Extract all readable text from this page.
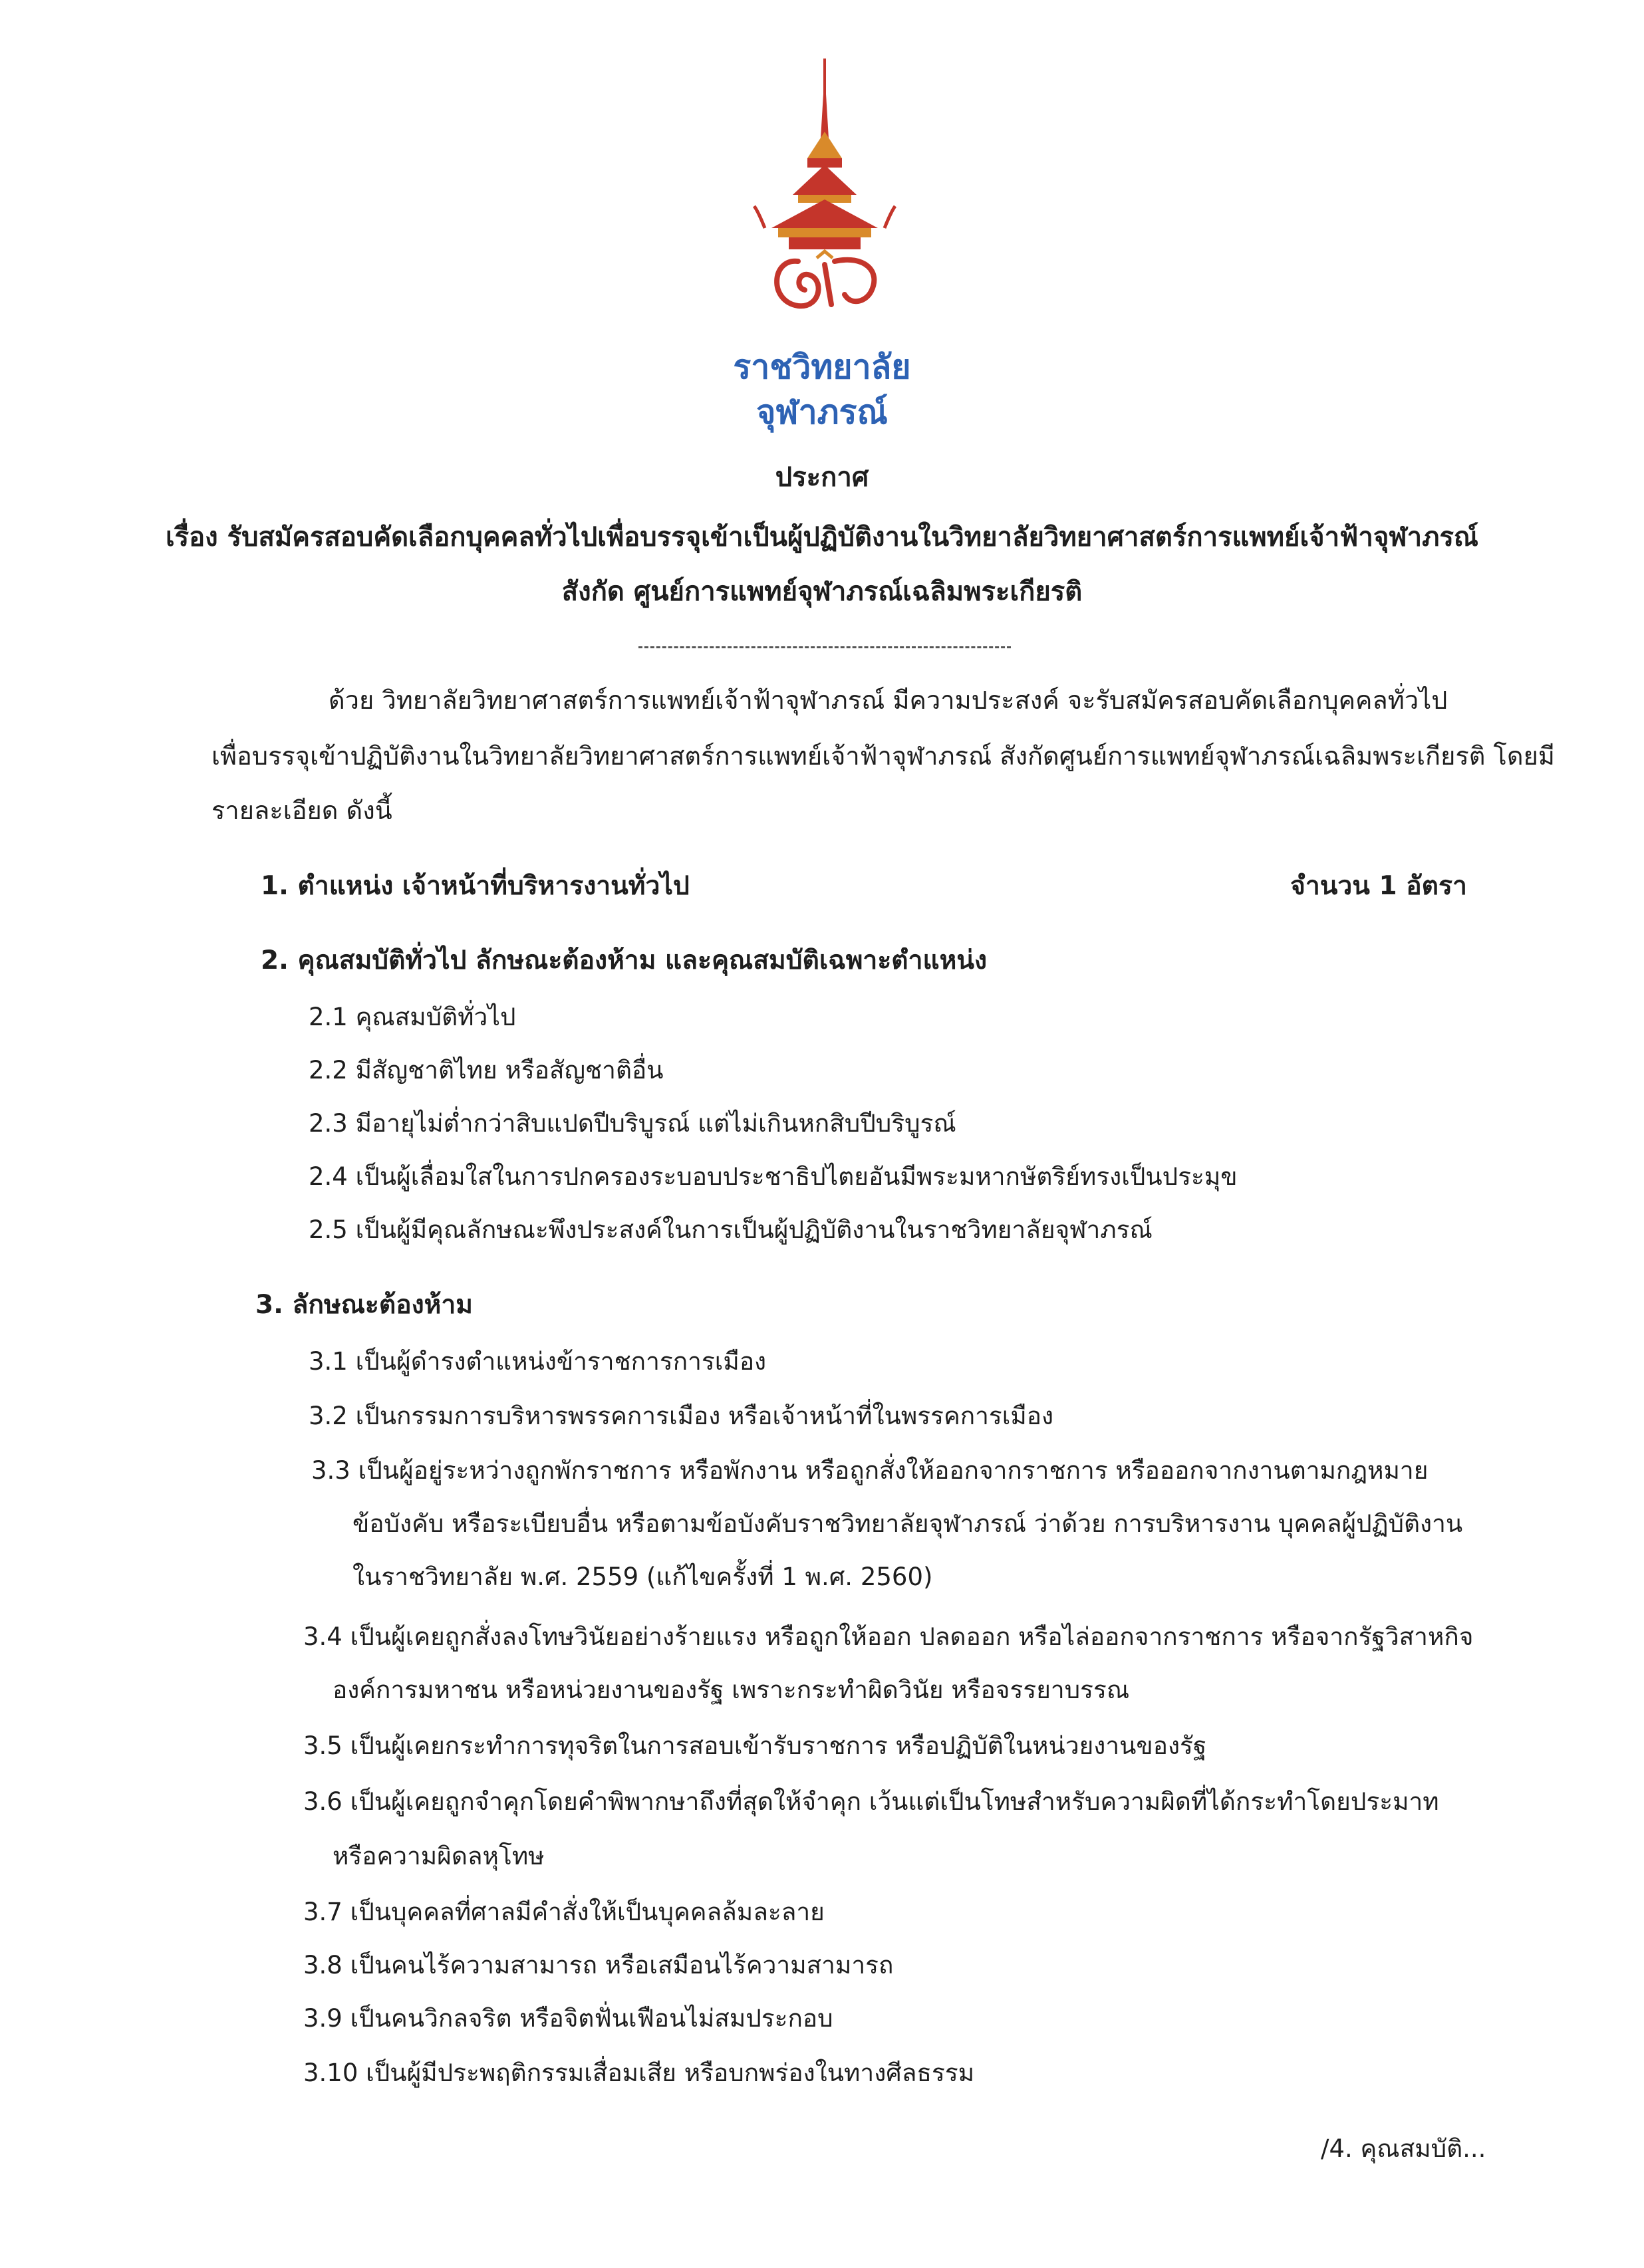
ราชวิทยาลัย
จุฬาภรณ์
ประกาศ
เรื่อง รับสมัครสอบคัดเลือกบุคคลทั่วไปเพื่อบรรจุเข้าเป็นผู้ปฏิบัติงานในวิทยาลัยวิทยาศาสตร์การแพทย์เจ้าฟ้าจุฬาภรณ์
สังกัด ศูนย์การแพทย์จุฬาภรณ์เฉลิมพระเกียรติ
ด้วย วิทยาลัยวิทยาศาสตร์การแพทย์เจ้าฟ้าจุฬาภรณ์ มีความประสงค์ จะรับสมัครสอบคัดเลือกบุคคลทั่วไป
เพื่อบรรจุเข้าปฏิบัติงานในวิทยาลัยวิทยาศาสตร์การแพทย์เจ้าฟ้าจุฬาภรณ์ สังกัดศูนย์การแพทย์จุฬาภรณ์เฉลิมพระเกียรติ โดยมี
รายละเอียด ดังนี้
1. ตำแหน่ง เจ้าหน้าที่บริหารงานทั่วไป	จำนวน 1 อัตรา
2. คุณสมบัติทั่วไป ลักษณะต้องห้าม และคุณสมบัติเฉพาะตำแหน่ง
2.1 คุณสมบัติทั่วไป
2.2 มีสัญชาติไทย หรือสัญชาติอื่น
2.3 มีอายุไม่ต่ำกว่าสิบแปดปีบริบูรณ์ แต่ไม่เกินหกสิบปีบริบูรณ์
2.4 เป็นผู้เลื่อมใสในการปกครองระบอบประชาธิปไตยอันมีพระมหากษัตริย์ทรงเป็นประมุข
2.5 เป็นผู้มีคุณลักษณะพึงประสงค์ในการเป็นผู้ปฏิบัติงานในราชวิทยาลัยจุฬาภรณ์
3. ลักษณะต้องห้าม
3.1 เป็นผู้ดำรงตำแหน่งข้าราชการการเมือง
3.2 เป็นกรรมการบริหารพรรคการเมือง หรือเจ้าหน้าที่ในพรรคการเมือง
3.3 เป็นผู้อยู่ระหว่างถูกพักราชการ หรือพักงาน หรือถูกสั่งให้ออกจากราชการ หรือออกจากงานตามกฎหมาย
ข้อบังคับ หรือระเบียบอื่น หรือตามข้อบังคับราชวิทยาลัยจุฬาภรณ์ ว่าด้วย การบริหารงาน บุคคลผู้ปฏิบัติงาน
ในราชวิทยาลัย พ.ศ. 2559 (แก้ไขครั้งที่ 1 พ.ศ. 2560)
3.4 เป็นผู้เคยถูกสั่งลงโทษวินัยอย่างร้ายแรง หรือถูกให้ออก ปลดออก หรือไล่ออกจากราชการ หรือจากรัฐวิสาหกิจ
องค์การมหาชน หรือหน่วยงานของรัฐ เพราะกระทำผิดวินัย หรือจรรยาบรรณ
3.5 เป็นผู้เคยกระทำการทุจริตในการสอบเข้ารับราชการ หรือปฏิบัติในหน่วยงานของรัฐ
3.6 เป็นผู้เคยถูกจำคุกโดยคำพิพากษาถึงที่สุดให้จำคุก เว้นแต่เป็นโทษสำหรับความผิดที่ได้กระทำโดยประมาท
หรือความผิดลหุโทษ
3.7 เป็นบุคคลที่ศาลมีคำสั่งให้เป็นบุคคลล้มละลาย
3.8 เป็นคนไร้ความสามารถ หรือเสมือนไร้ความสามารถ
3.9 เป็นคนวิกลจริต หรือจิตฟั่นเฟือนไม่สมประกอบ
3.10 เป็นผู้มีประพฤติกรรมเสื่อมเสีย หรือบกพร่องในทางศีลธรรม
/4. คุณสมบัติ...
